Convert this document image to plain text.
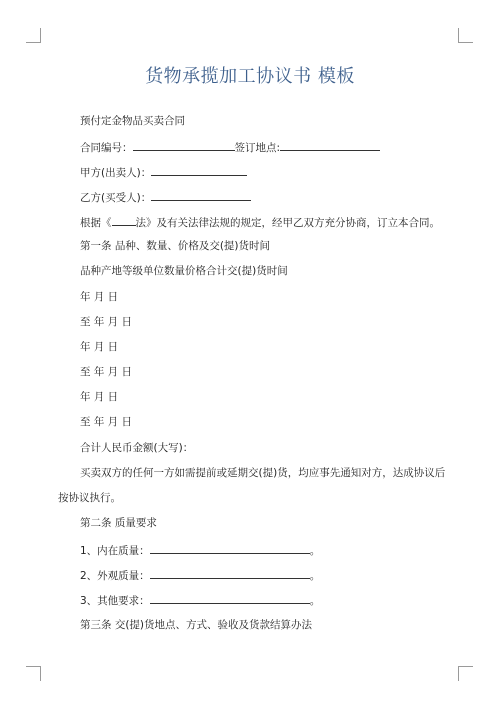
货物承揽加工协议书 模板
预付定金物品买卖合同
合同编号：	签订地点:
甲方(出卖人)：
乙方(买受人)：
根据《 法》及有关法律法规的规定，经甲乙双方充分协商，订立本合同。
第一条 品种、数量、价格及交(提)货时间
品种产地等级单位数量价格合计交(提)货时间
年 月 日
至 年 月 日
年 月 日
至 年 月 日
年 月 日
至 年 月 日
合计人民币金额(大写)：
买卖双方的任何一方如需提前或延期交(提)货，均应事先通知对方，达成协议后
按协议执行。
第二条 质量要求
1、内在质量：	。
2、外观质量：	。
3、其他要求：	。
第三条 交(提)货地点、方式、验收及货款结算办法
